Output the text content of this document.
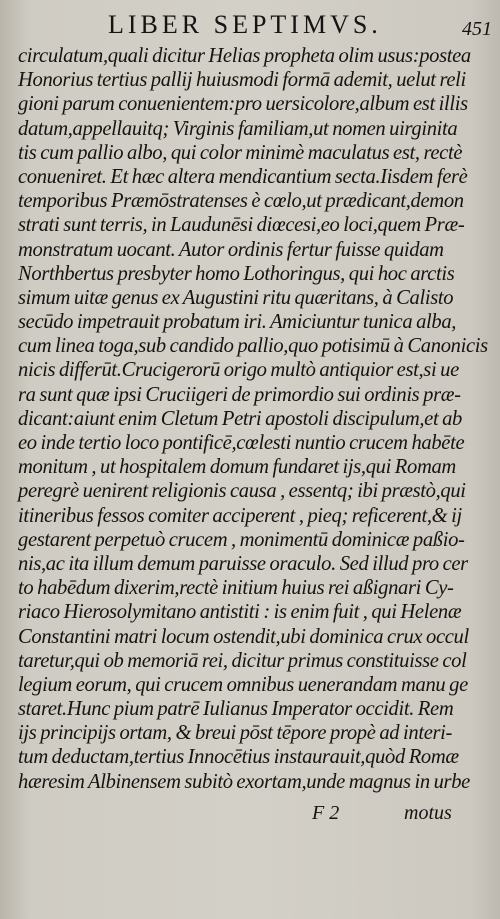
LIBER SEPTIMVS.	451
circulatum,quali dicitur Helias propheta olim usus:postea
Honorius tertius pallij huiusmodi formā ademit, uelut reli
gioni parum conuenientem:pro uersicolore,album est illis
datum,appellauitq; Virginis familiam,ut nomen uirginita
tis cum pallio albo, qui color minimè maculatus est, rectè
conueniret. Et hæc altera mendicantium secta.Iisdem ferè
temporibus Præmōstratenses è cœlo,ut prædicant,demon
strati sunt terris, in Laudunēsi diœcesi,eo loci,quem Præ-
monstratum uocant. Autor ordinis fertur fuisse quidam
Northbertus presbyter homo Lothoringus, qui hoc arctis
simum uitæ genus ex Augustini ritu quæritans, à Calisto
secūdo impetrauit probatum iri. Amiciuntur tunica alba,
cum linea toga,sub candido pallio,quo potisimū à Canonicis
nicis differūt.Crucigerorū origo multò antiquior est,si ue
ra sunt quæ ipsi Cruciigeri de primordio sui ordinis præ-
dicant:aiunt enim Cletum Petri apostoli discipulum,et ab
eo inde tertio loco pontificē,cœlesti nuntio crucem habēte
monitum , ut hospitalem domum fundaret ijs,qui Romam
peregrè uenirent religionis causa , essentq; ibi præstò,qui
itineribus fessos comiter acciperent , pieq; reficerent,& ij
gestarent perpetuò crucem , monimentū dominicæ paßio-
nis,ac ita illum demum paruisse oraculo. Sed illud pro cer
to habēdum dixerim,rectè initium huius rei aßignari Cy-
riaco Hierosolymitano antistiti : is enim fuit , qui Helenæ
Constantini matri locum ostendit,ubi dominica crux occul
taretur,qui ob memoriā rei, dicitur primus constituisse col
legium eorum, qui crucem omnibus uenerandam manu ge
staret.Hunc pium patrē Iulianus Imperator occidit. Rem
ijs principijs ortam, & breui pōst tēpore propè ad interi-
tum deductam,tertius Innocētius instaurauit,quòd Romæ
hæresim Albinensem subitò exortam,unde magnus in urbe
F 2	motus
